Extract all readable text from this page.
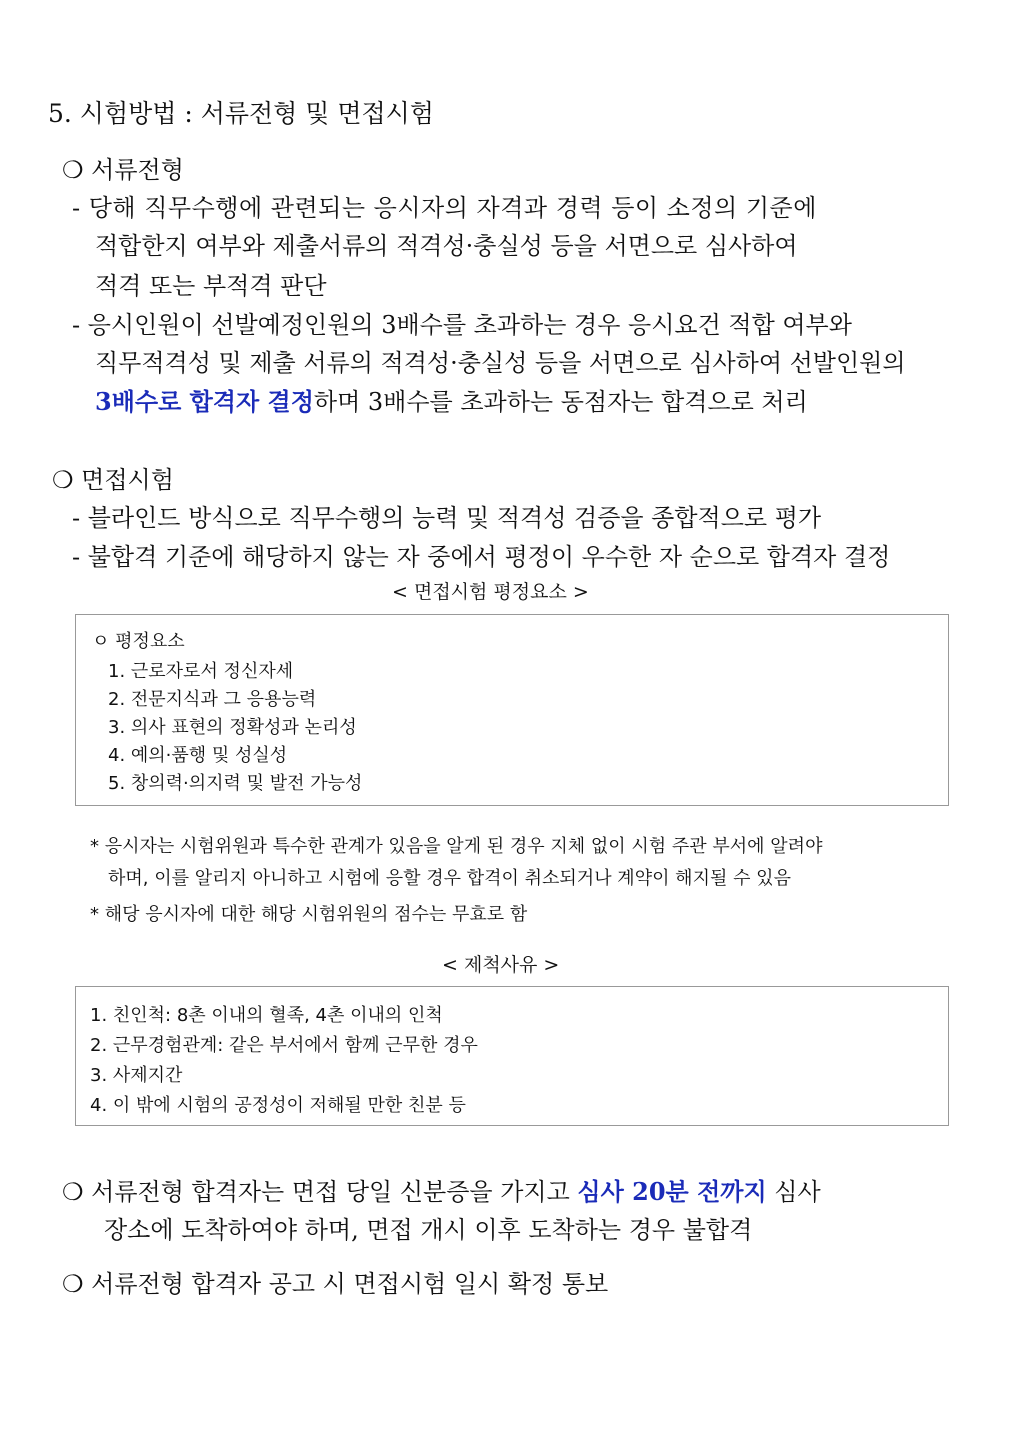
5. 시험방법 : 서류전형 및 면접시험
❍ 서류전형
- 당해 직무수행에 관련되는 응시자의 자격과 경력 등이 소정의 기준에
적합한지 여부와 제출서류의 적격성·충실성 등을 서면으로 심사하여
적격 또는 부적격 판단
- 응시인원이 선발예정인원의 3배수를 초과하는 경우 응시요건 적합 여부와
직무적격성 및 제출 서류의 적격성·충실성 등을 서면으로 심사하여 선발인원의
3배수로 합격자 결정하며 3배수를 초과하는 동점자는 합격으로 처리
❍ 면접시험
- 블라인드 방식으로 직무수행의 능력 및 적격성 검증을 종합적으로 평가
- 불합격 기준에 해당하지 않는 자 중에서 평정이 우수한 자 순으로 합격자 결정
< 면접시험 평정요소 >
ㅇ 평정요소
1. 근로자로서 정신자세
2. 전문지식과 그 응용능력
3. 의사 표현의 정확성과 논리성
4. 예의·품행 및 성실성
5. 창의력·의지력 및 발전 가능성
* 응시자는 시험위원과 특수한 관계가 있음을 알게 된 경우 지체 없이 시험 주관 부서에 알려야
하며, 이를 알리지 아니하고 시험에 응할 경우 합격이 취소되거나 계약이 해지될 수 있음
* 해당 응시자에 대한 해당 시험위원의 점수는 무효로 함
< 제척사유 >
1. 친인척: 8촌 이내의 혈족, 4촌 이내의 인척
2. 근무경험관계: 같은 부서에서 함께 근무한 경우
3. 사제지간
4. 이 밖에 시험의 공정성이 저해될 만한 친분 등
❍ 서류전형 합격자는 면접 당일 신분증을 가지고 심사 20분 전까지 심사
장소에 도착하여야 하며, 면접 개시 이후 도착하는 경우 불합격
❍ 서류전형 합격자 공고 시 면접시험 일시 확정 통보
